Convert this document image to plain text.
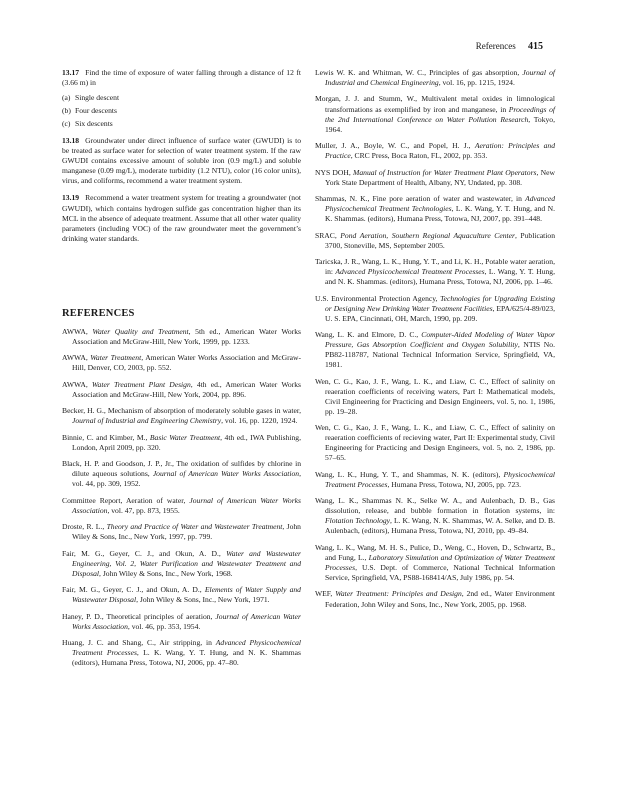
References 415

13.17 Find the time of exposure of water falling through a distance of 12 ft (3.66 m) in

(a) Single descent
(b) Four descents
(c) Six descents

13.18 Groundwater under direct influence of surface water (GWUDI) is to be treated as surface water for selection of water treatment system. If the raw GWUDI contains excessive amount of soluble iron (0.9 mg/L) and soluble manganese (0.09 mg/L), moderate turbidity (1.2 NTU), color (16 color units), virus, and coliforms, recommend a water treatment system.

13.19 Recommend a water treatment system for treating a groundwater (not GWUDI), which contains hydrogen sulfide gas concentration higher than its MCL in the absence of adequate treatment. Assume that all other water quality parameters (including VOC) of the raw groundwater meet the government’s drinking water standards.

REFERENCES

AWWA, Water Quality and Treatment, 5th ed., American Water Works Association and McGraw-Hill, New York, 1999, pp. 1233.

AWWA, Water Treatment, American Water Works Association and McGraw-Hill, Denver, CO, 2003, pp. 552.

AWWA, Water Treatment Plant Design, 4th ed., American Water Works Association and McGraw-Hill, New York, 2004, pp. 896.

Becker, H. G., Mechanism of absorption of moderately soluble gases in water, Journal of Industrial and Engineering Chemistry, vol. 16, pp. 1220, 1924.

Binnie, C. and Kimber, M., Basic Water Treatment, 4th ed., IWA Publishing, London, April 2009, pp. 320.

Black, H. P. and Goodson, J. P., Jr., The oxidation of sulfides by chlorine in dilute aqueous solutions, Journal of American Water Works Association, vol. 44, pp. 309, 1952.

Committee Report, Aeration of water, Journal of American Water Works Association, vol. 47, pp. 873, 1955.

Droste, R. L., Theory and Practice of Water and Wastewater Treatment, John Wiley & Sons, Inc., New York, 1997, pp. 799.

Fair, M. G., Geyer, C. J., and Okun, A. D., Water and Wastewater Engineering, Vol. 2, Water Purification and Wastewater Treatment and Disposal, John Wiley & Sons, Inc., New York, 1968.

Fair, M. G., Geyer, C. J., and Okun, A. D., Elements of Water Supply and Wastewater Disposal, John Wiley & Sons, Inc., New York, 1971.

Haney, P. D., Theoretical principles of aeration, Journal of American Water Works Association, vol. 46, pp. 353, 1954.

Huang, J. C. and Shang, C., Air stripping, in Advanced Physicochemical Treatment Processes, L. K. Wang, Y. T. Hung, and N. K. Shammas (editors), Humana Press, Totowa, NJ, 2006, pp. 47–80.

Lewis W. K. and Whitman, W. C., Principles of gas absorption, Journal of Industrial and Chemical Engineering, vol. 16, pp. 1215, 1924.

Morgan, J. J. and Stumm, W., Multivalent metal oxides in limnological transformations as exemplified by iron and manganese, in Proceedings of the 2nd International Conference on Water Pollution Research, Tokyo, 1964.

Muller, J. A., Boyle, W. C., and Popel, H. J., Aeration: Principles and Practice, CRC Press, Boca Raton, FL, 2002, pp. 353.

NYS DOH, Manual of Instruction for Water Treatment Plant Operators, New York State Department of Health, Albany, NY, Undated, pp. 308.

Shammas, N. K., Fine pore aeration of water and wastewater, in Advanced Physicochemical Treatment Technologies, L. K. Wang, Y. T. Hung, and N. K. Shammas. (editors), Humana Press, Totowa, NJ, 2007, pp. 391–448.

SRAC, Pond Aeration, Southern Regional Aquaculture Center, Publication 3700, Stoneville, MS, September 2005.

Taricska, J. R., Wang, L. K., Hung, Y. T., and Li, K. H., Potable water aeration, in: Advanced Physicochemical Treatment Processes, L. Wang, Y. T. Hung, and N. K. Shammas. (editors), Humana Press, Totowa, NJ, 2006, pp. 1–46.

U.S. Environmental Protection Agency, Technologies for Upgrading Existing or Designing New Drinking Water Treatment Facilities, EPA/625/4-89/023, U. S. EPA, Cincinnati, OH, March, 1990, pp. 209.

Wang, L. K. and Elmore, D. C., Computer-Aided Modeling of Water Vapor Pressure, Gas Absorption Coefficient and Oxygen Solubility, NTIS No. PB82-118787, National Technical Information Service, Springfield, VA, 1981.

Wen, C. G., Kao, J. F., Wang, L. K., and Liaw, C. C., Effect of salinity on reaeration coefficients of receiving waters, Part I: Mathematical models, Civil Engineering for Practicing and Design Engineers, vol. 5, no. 1, 1986, pp. 19–28.

Wen, C. G., Kao, J. F., Wang, L. K., and Liaw, C. C., Effect of salinity on reaeration coefficients of recieving water, Part II: Experimental study, Civil Engineering for Practicing and Design Engineers, vol. 5, no. 2, 1986, pp. 57–65.

Wang, L. K., Hung, Y. T., and Shammas, N. K. (editors), Physicochemical Treatment Processes, Humana Press, Totowa, NJ, 2005, pp. 723.

Wang, L. K., Shammas N. K., Selke W. A., and Aulenbach, D. B., Gas dissolution, release, and bubble formation in flotation systems, in: Flotation Technology, L. K. Wang, N. K. Shammas, W. A. Selke, and D. B. Aulenbach, (editors), Humana Press, Totowa, NJ, 2010, pp. 49–84.

Wang, L. K., Wang, M. H. S., Pulice, D., Weng, C., Hoven, D., Schwartz, B., and Fung, L., Laboratory Simulation and Optimization of Water Treatment Processes, U.S. Dept. of Commerce, National Technical Information Service, Springfield, VA, PS88-168414/AS, July 1986, pp. 54.

WEF, Water Treatment: Principles and Design, 2nd ed., Water Environment Federation, John Wiley and Sons, Inc., New York, 2005, pp. 1968.
